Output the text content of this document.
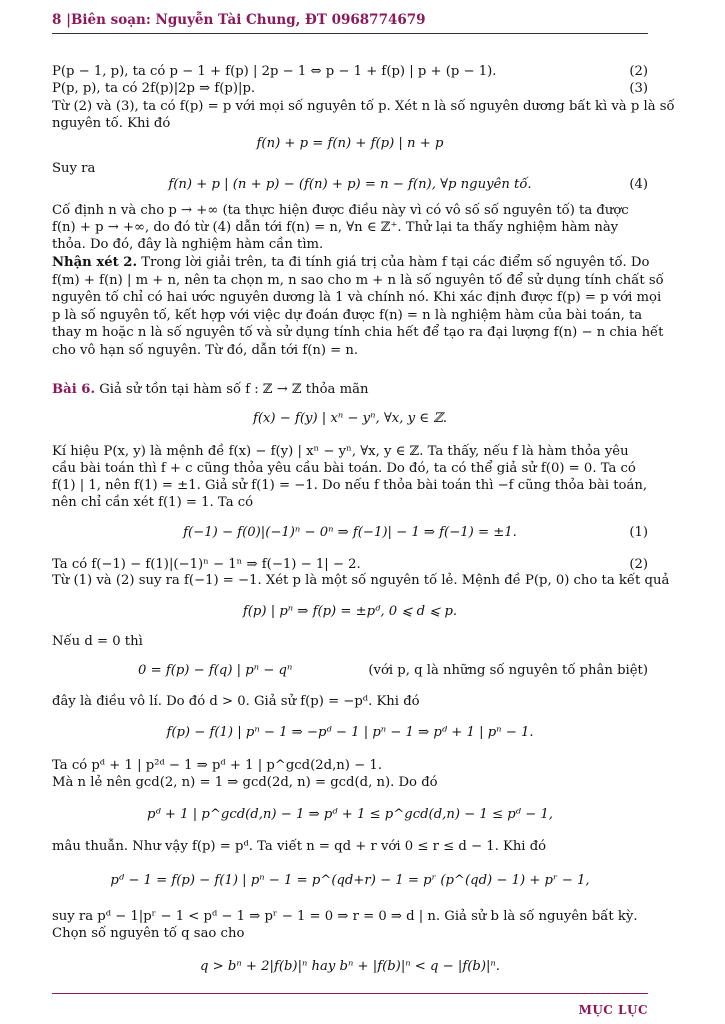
8 |Biên soạn: Nguyễn Tài Chung, ĐT 0968774679
P(p − 1, p), ta có p − 1 + f(p) | 2p − 1 ⇔ p − 1 + f(p) | p + (p − 1).	(2)
P(p, p), ta có 2f(p)|2p ⇒ f(p)|p.	(3)
Từ (2) và (3), ta có f(p) = p với mọi số nguyên tố p. Xét n là số nguyên dương bất kì và p là số
nguyên tố. Khi đó
f(n) + p = f(n) + f(p) | n + p
Suy ra
f(n) + p | (n + p) − (f(n) + p) = n − f(n), ∀p nguyên tố.	(4)
Cố định n và cho p → +∞ (ta thực hiện được điều này vì có vô số số nguyên tố) ta được
f(n) + p → +∞, do đó từ (4) dẫn tới f(n) = n, ∀n ∈ ℤ⁺. Thử lại ta thấy nghiệm hàm này
thỏa. Do đó, đây là nghiệm hàm cần tìm.
Nhận xét 2. Trong lời giải trên, ta đi tính giá trị của hàm f tại các điểm số nguyên tố. Do
f(m) + f(n) | m + n, nên ta chọn m, n sao cho m + n là số nguyên tố để sử dụng tính chất số
nguyên tố chỉ có hai ước nguyên dương là 1 và chính nó. Khi xác định được f(p) = p với mọi
p là số nguyên tố, kết hợp với việc dự đoán được f(n) = n là nghiệm hàm của bài toán, ta
thay m hoặc n là số nguyên tố và sử dụng tính chia hết để tạo ra đại lượng f(n) − n chia hết
cho vô hạn số nguyên. Từ đó, dẫn tới f(n) = n.
Bài 6. Giả sử tồn tại hàm số f : ℤ → ℤ thỏa mãn
f(x) − f(y) | xⁿ − yⁿ, ∀x, y ∈ ℤ.
Kí hiệu P(x, y) là mệnh đề f(x) − f(y) | xⁿ − yⁿ, ∀x, y ∈ ℤ. Ta thấy, nếu f là hàm thỏa yêu
cầu bài toán thì f + c cũng thỏa yêu cầu bài toán. Do đó, ta có thể giả sử f(0) = 0. Ta có
f(1) | 1, nên f(1) = ±1. Giả sử f(1) = −1. Do nếu f thỏa bài toán thì −f cũng thỏa bài toán,
nên chỉ cần xét f(1) = 1. Ta có
f(−1) − f(0)|(−1)ⁿ − 0ⁿ ⇒ f(−1)| − 1 ⇒ f(−1) = ±1.	(1)
Ta có f(−1) − f(1)|(−1)ⁿ − 1ⁿ ⇒ f(−1) − 1| − 2.	(2)
Từ (1) và (2) suy ra f(−1) = −1. Xét p là một số nguyên tố lẻ. Mệnh đề P(p, 0) cho ta kết quả
f(p) | pⁿ ⇒ f(p) = ±pᵈ, 0 ⩽ d ⩽ p.
Nếu d = 0 thì
0 = f(p) − f(q) | pⁿ − qⁿ	(với p, q là những số nguyên tố phân biệt)
đây là điều vô lí. Do đó d > 0. Giả sử f(p) = −pᵈ. Khi đó
f(p) − f(1) | pⁿ − 1 ⇒ −pᵈ − 1 | pⁿ − 1 ⇒ pᵈ + 1 | pⁿ − 1.
Ta có pᵈ + 1 | p²ᵈ − 1 ⇒ pᵈ + 1 | p^gcd(2d,n) − 1.
Mà n lẻ nên gcd(2, n) = 1 ⇒ gcd(2d, n) = gcd(d, n). Do đó
pᵈ + 1 | p^gcd(d,n) − 1 ⇒ pᵈ + 1 ≤ p^gcd(d,n) − 1 ≤ pᵈ − 1,
mâu thuẫn. Như vậy f(p) = pᵈ. Ta viết n = qd + r với 0 ≤ r ≤ d − 1. Khi đó
pᵈ − 1 = f(p) − f(1) | pⁿ − 1 = p^(qd+r) − 1 = pʳ (p^(qd) − 1) + pʳ − 1,
suy ra pᵈ − 1|pʳ − 1 < pᵈ − 1 ⇒ pʳ − 1 = 0 ⇒ r = 0 ⇒ d | n. Giả sử b là số nguyên bất kỳ.
Chọn số nguyên tố q sao cho
q > bⁿ + 2|f(b)|ⁿ hay bⁿ + |f(b)|ⁿ < q − |f(b)|ⁿ.
MỤC LỤC
